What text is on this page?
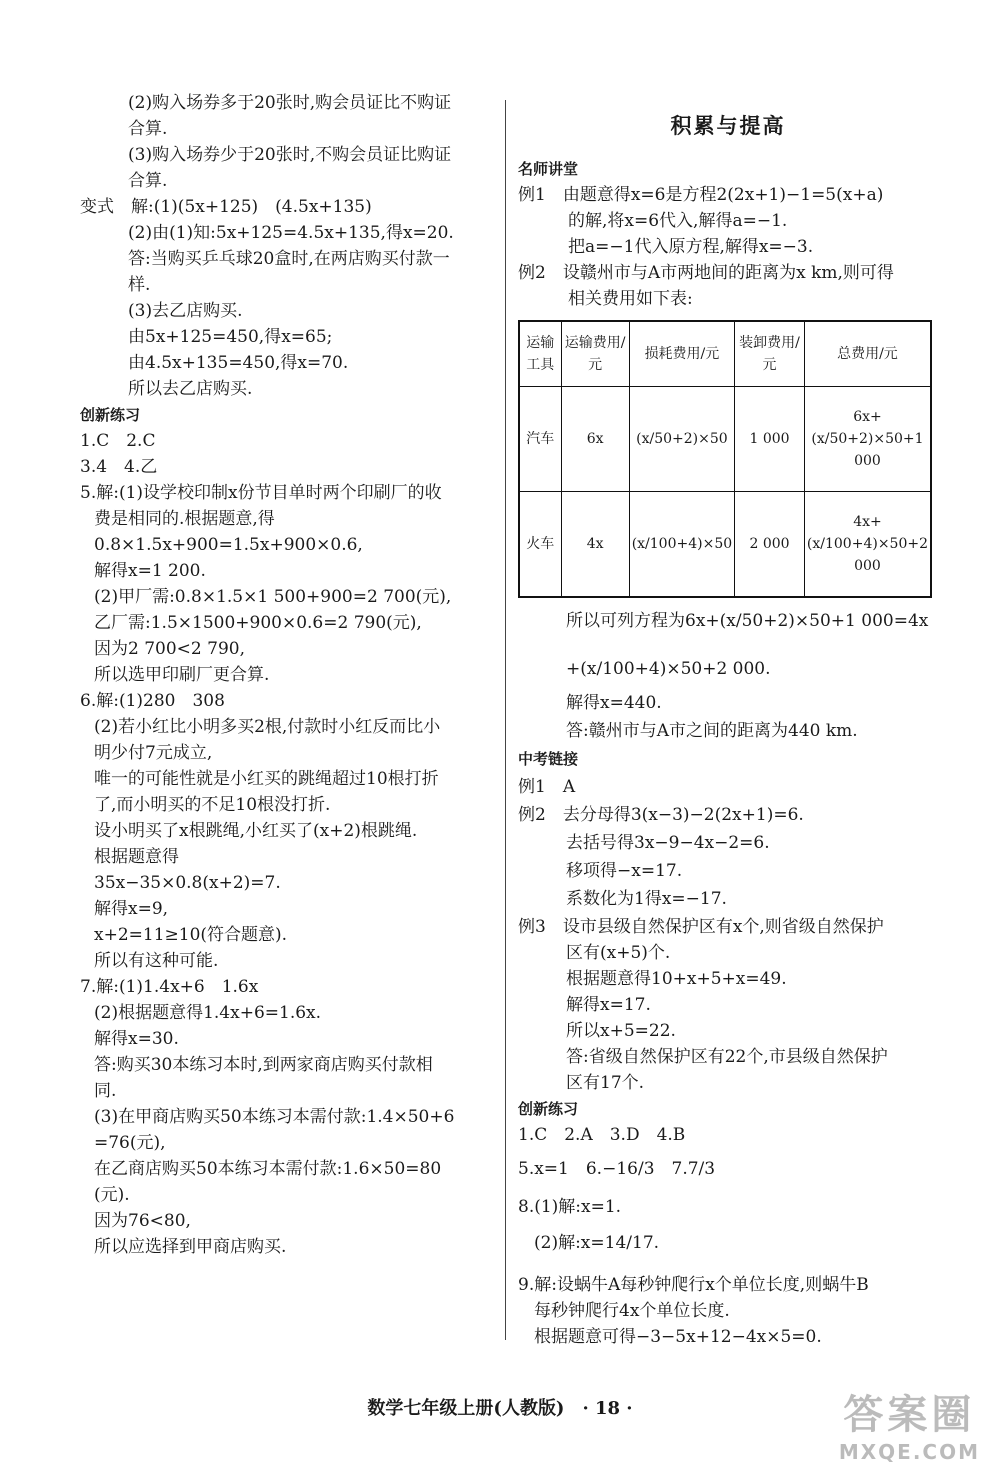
(2)购入场券多于20张时,购会员证比不购证
合算.
(3)购入场券少于20张时,不购会员证比购证
合算.
变式　解:(1)(5x+125)　(4.5x+135)
(2)由(1)知:5x+125=4.5x+135,得x=20.
答:当购买乒乓球20盒时,在两店购买付款一
样.
(3)去乙店购买.
由5x+125=450,得x=65;
由4.5x+135=450,得x=70.
所以去乙店购买.
创新练习
1.C　2.C
3.4　4.乙
5.解:(1)设学校印制x份节目单时两个印刷厂的收
费是相同的.根据题意,得
0.8×1.5x+900=1.5x+900×0.6,
解得x=1 200.
(2)甲厂需:0.8×1.5×1 500+900=2 700(元),
乙厂需:1.5×1500+900×0.6=2 790(元),
因为2 700<2 790,
所以选甲印刷厂更合算.
6.解:(1)280　308
(2)若小红比小明多买2根,付款时小红反而比小
明少付7元成立,
唯一的可能性就是小红买的跳绳超过10根打折
了,而小明买的不足10根没打折.
设小明买了x根跳绳,小红买了(x+2)根跳绳.
根据题意得
35x−35×0.8(x+2)=7.
解得x=9,
x+2=11≥10(符合题意).
所以有这种可能.
7.解:(1)1.4x+6　1.6x
(2)根据题意得1.4x+6=1.6x.
解得x=30.
答:购买30本练习本时,到两家商店购买付款相
同.
(3)在甲商店购买50本练习本需付款:1.4×50+6
=76(元),
在乙商店购买50本练习本需付款:1.6×50=80
(元).
因为76<80,
所以应选择到甲商店购买.
积累与提高
名师讲堂
例1　由题意得x=6是方程2(2x+1)−1=5(x+a)
的解,将x=6代入,解得a=−1.
把a=−1代入原方程,解得x=−3.
例2　设赣州市与A市两地间的距离为x km,则可得
相关费用如下表:
运输工具	运输费用/元	损耗费用/元	装卸费用/元	总费用/元
汽车	6x	(x/50+2)×50	1 000	6x+(x/50+2)×50+1 000
火车	4x	(x/100+4)×50	2 000	4x+(x/100+4)×50+2 000
所以可列方程为6x+(x/50+2)×50+1 000=4x
+(x/100+4)×50+2 000.
解得x=440.
答:赣州市与A市之间的距离为440 km.
中考链接
例1　A
例2　去分母得3(x−3)−2(2x+1)=6.
去括号得3x−9−4x−2=6.
移项得−x=17.
系数化为1得x=−17.
例3　设市县级自然保护区有x个,则省级自然保护
区有(x+5)个.
根据题意得10+x+5+x=49.
解得x=17.
所以x+5=22.
答:省级自然保护区有22个,市县级自然保护
区有17个.
创新练习
1.C　2.A　3.D　4.B
5.x=1　6.−16/3　7.7/3
8.(1)解:x=1.
(2)解:x=14/17.
9.解:设蜗牛A每秒钟爬行x个单位长度,则蜗牛B
每秒钟爬行4x个单位长度.
根据题意可得−3−5x+12−4x×5=0.
数学七年级上册(人教版)　· 18 ·	答案圈
MXQE.COM
